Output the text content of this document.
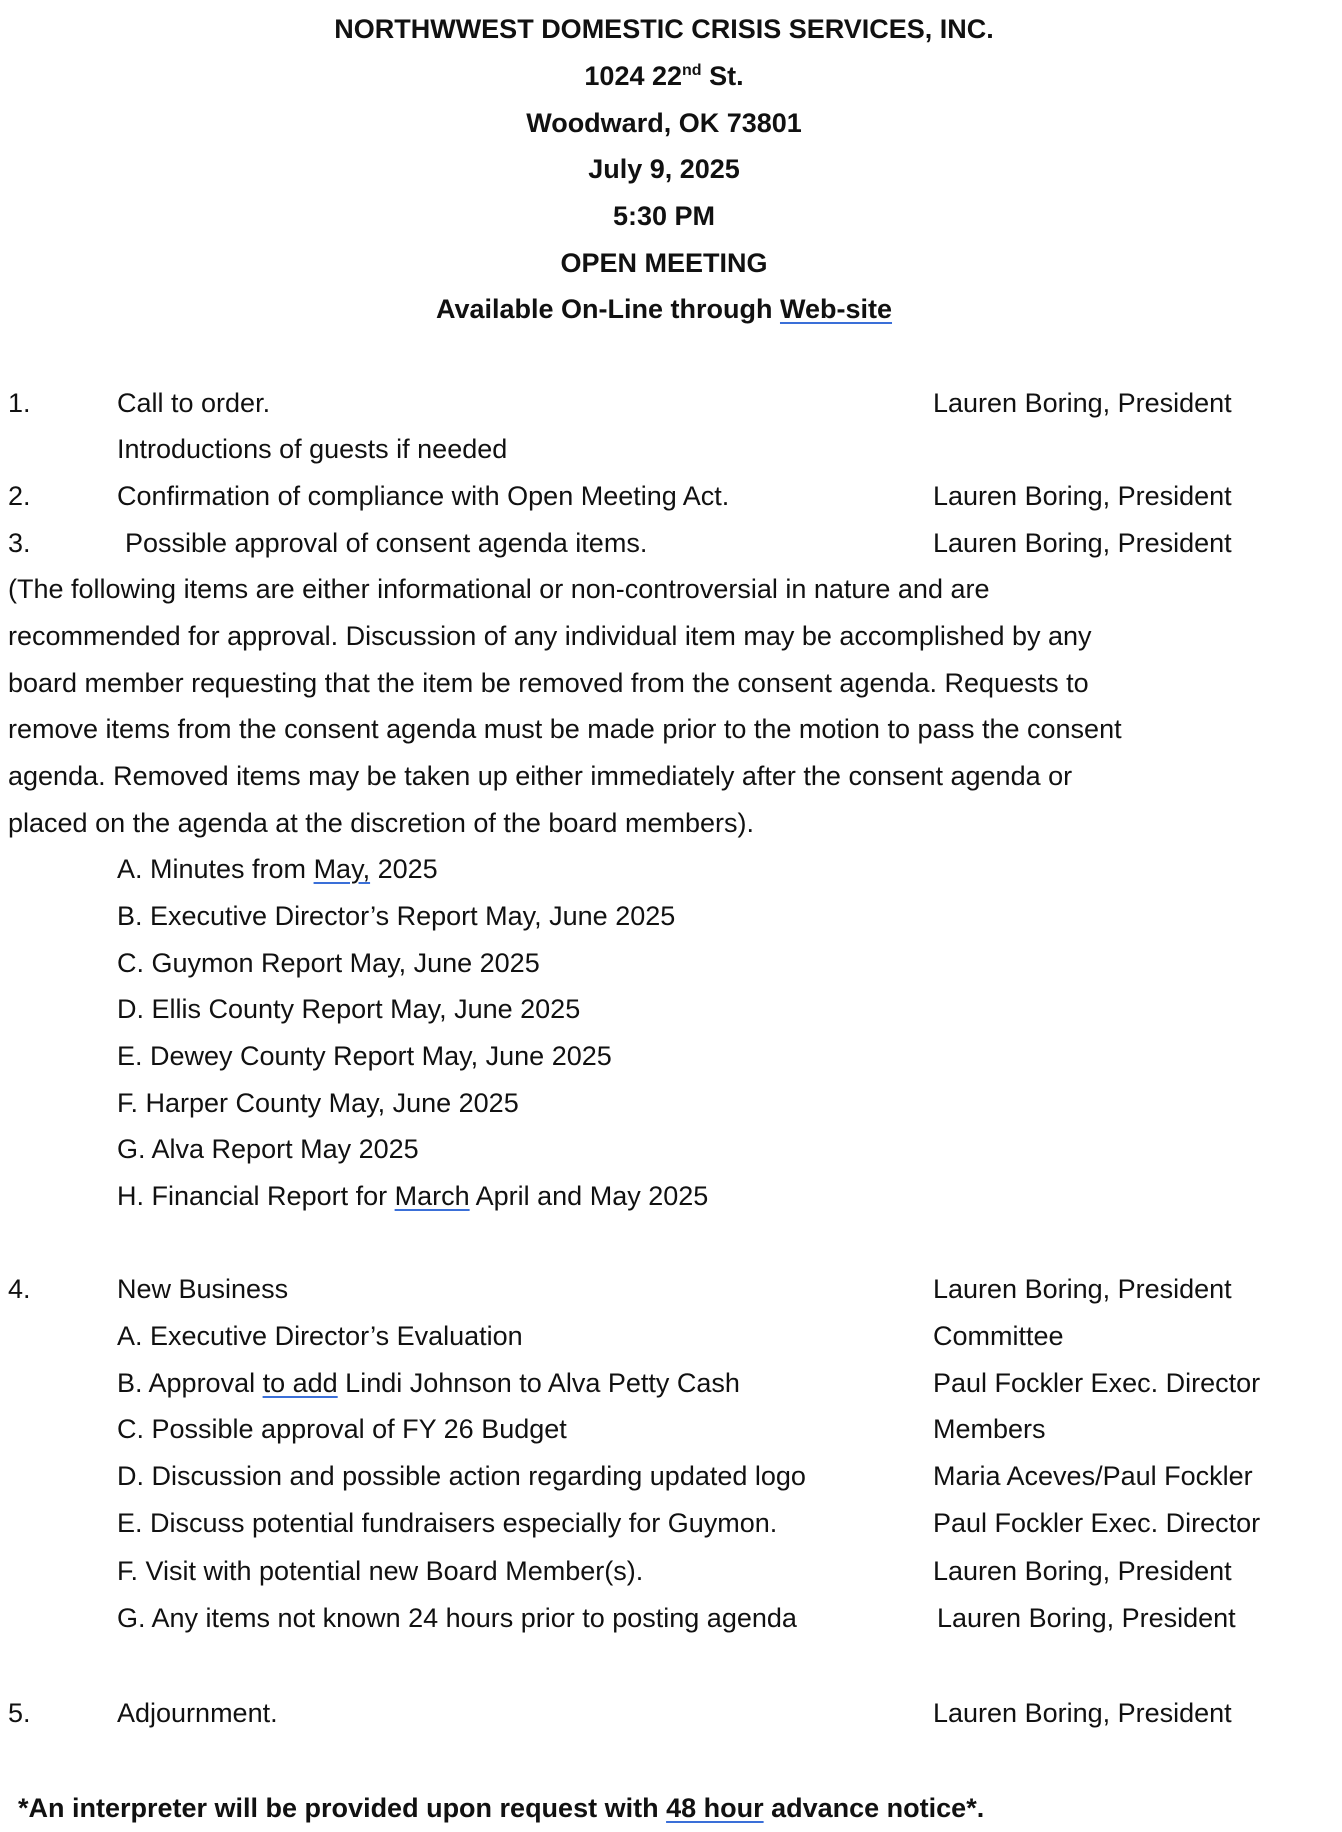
NORTHWWEST DOMESTIC CRISIS SERVICES, INC.
1024 22nd St.
Woodward, OK 73801
July 9, 2025
5:30 PM
OPEN MEETING
Available On-Line through Web-site
1.	Call to order.	Lauren Boring, President
Introductions of guests if needed
2.	Confirmation of compliance with Open Meeting Act.	Lauren Boring, President
3.	Possible approval of consent agenda items.	Lauren Boring, President
(The following items are either informational or non-controversial in nature and are
recommended for approval. Discussion of any individual item may be accomplished by any
board member requesting that the item be removed from the consent agenda. Requests to
remove items from the consent agenda must be made prior to the motion to pass the consent
agenda. Removed items may be taken up either immediately after the consent agenda or
placed on the agenda at the discretion of the board members).
A. Minutes from May, 2025
B. Executive Director’s Report May, June 2025
C. Guymon Report May, June 2025
D. Ellis County Report May, June 2025
E. Dewey County Report May, June 2025
F. Harper County May, June 2025
G. Alva Report May 2025
H. Financial Report for March April and May 2025
4.	New Business	Lauren Boring, President
A. Executive Director’s Evaluation	Committee
B. Approval to add Lindi Johnson to Alva Petty Cash	Paul Fockler Exec. Director
C. Possible approval of FY 26 Budget	Members
D. Discussion and possible action regarding updated logo	Maria Aceves/Paul Fockler
E. Discuss potential fundraisers especially for Guymon.	Paul Fockler Exec. Director
F. Visit with potential new Board Member(s).	Lauren Boring, President
G. Any items not known 24 hours prior to posting agenda	Lauren Boring, President
5.	Adjournment.	Lauren Boring, President
*An interpreter will be provided upon request with 48 hour advance notice*.
